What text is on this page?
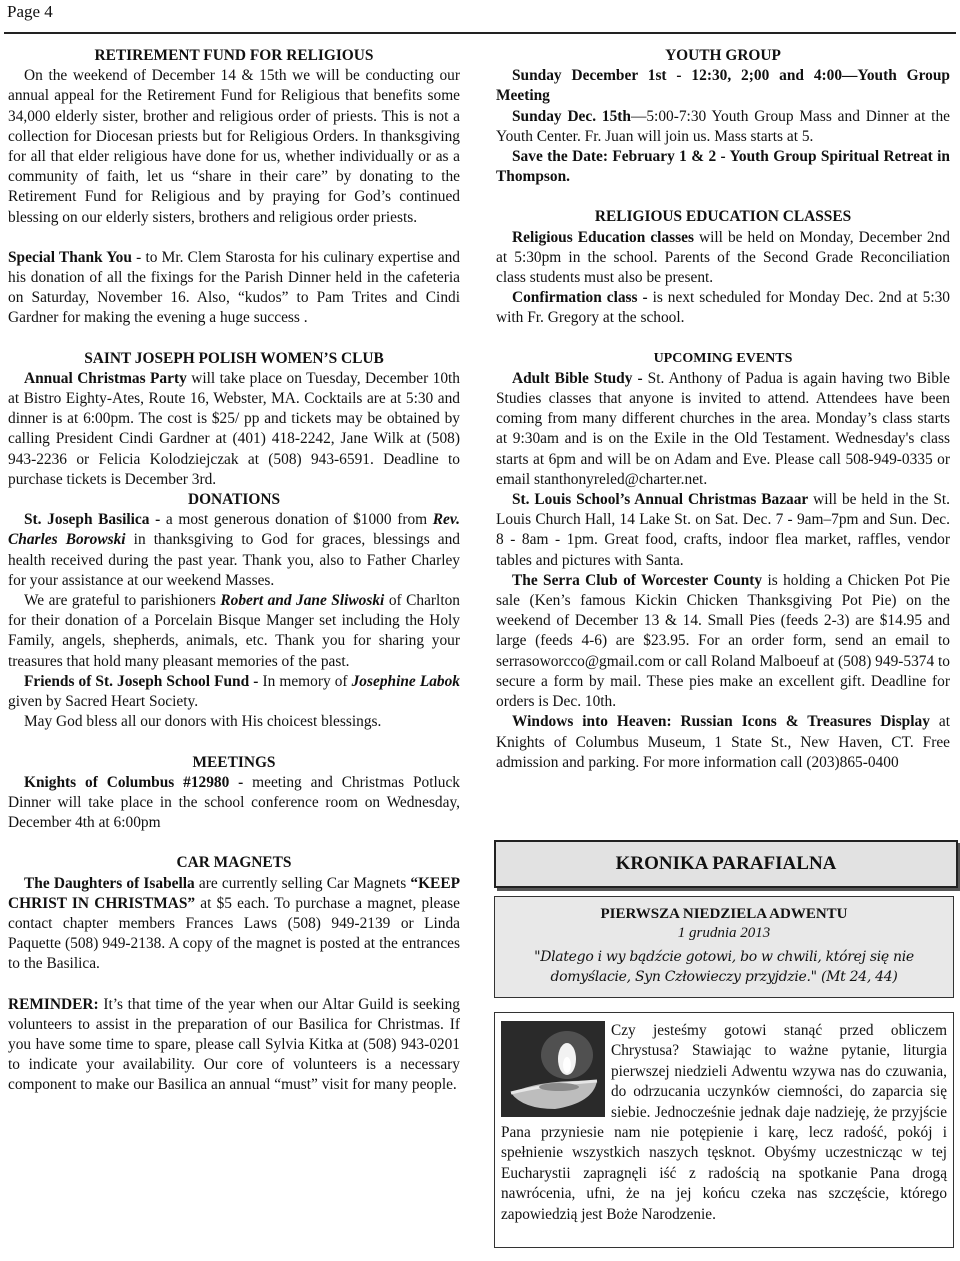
Page 4

RETIREMENT FUND FOR RELIGIOUS

On the weekend of December 14 & 15th we will be conducting our annual appeal for the Retirement Fund for Religious that benefits some 34,000 elderly sister, brother and religious order of priests. This is not a collection for Diocesan priests but for Religious Orders. In thanksgiving for all that elder religious have done for us, whether individually or as a community of faith, let us “share in their care” by donating to the Retirement Fund for Religious and by praying for God’s continued blessing on our elderly sisters, brothers and religious order priests.

Special Thank You - to Mr. Clem Starosta for his culinary expertise and his donation of all the fixings for the Parish Dinner held in the cafeteria on Saturday, November 16. Also, “kudos” to Pam Trites and Cindi Gardner for making the evening a huge success .

SAINT JOSEPH POLISH WOMEN’S CLUB

Annual Christmas Party will take place on Tuesday, December 10th at Bistro Eighty-Ates, Route 16, Webster, MA. Cocktails are at 5:30 and dinner is at 6:00pm. The cost is $25/ pp and tickets may be obtained by calling President Cindi Gardner at (401) 418-2242, Jane Wilk at (508) 943-2236 or Felicia Kolodziejczak at (508) 943-6591. Deadline to purchase tickets is December 3rd.

DONATIONS

St. Joseph Basilica - a most generous donation of $1000 from Rev. Charles Borowski in thanksgiving to God for graces, blessings and health received during the past year. Thank you, also to Father Charley for your assistance at our weekend Masses.

We are grateful to parishioners Robert and Jane Sliwoski of Charlton for their donation of a Porcelain Bisque Manger set including the Holy Family, angels, shepherds, animals, etc. Thank you for sharing your treasures that hold many pleasant memories of the past.

Friends of St. Joseph School Fund - In memory of Josephine Labok given by Sacred Heart Society.

May God bless all our donors with His choicest blessings.

MEETINGS

Knights of Columbus #12980 - meeting and Christmas Potluck Dinner will take place in the school conference room on Wednesday, December 4th at 6:00pm

CAR MAGNETS

The Daughters of Isabella are currently selling Car Magnets “KEEP CHRIST IN CHRISTMAS” at $5 each. To purchase a magnet, please contact chapter members Frances Laws (508) 949-2139 or Linda Paquette (508) 949-2138. A copy of the magnet is posted at the entrances to the Basilica.

REMINDER: It’s that time of the year when our Altar Guild is seeking volunteers to assist in the preparation of our Basilica for Christmas. If you have some time to spare, please call Sylvia Kitka at (508) 943-0201 to indicate your availability. Our core of volunteers is a necessary component to make our Basilica an annual “must” visit for many people.

YOUTH GROUP

Sunday December 1st - 12:30, 2;00 and 4:00—Youth Group Meeting

Sunday Dec. 15th—5:00-7:30 Youth Group Mass and Dinner at the Youth Center. Fr. Juan will join us. Mass starts at 5.

Save the Date: February 1 & 2 - Youth Group Spiritual Retreat in Thompson.

RELIGIOUS EDUCATION CLASSES

Religious Education classes will be held on Monday, December 2nd at 5:30pm in the school. Parents of the Second Grade Reconciliation class students must also be present.

Confirmation class - is next scheduled for Monday Dec. 2nd at 5:30 with Fr. Gregory at the school.

UPCOMING EVENTS

Adult Bible Study - St. Anthony of Padua is again having two Bible Studies classes that anyone is invited to attend. Attendees have been coming from many different churches in the area. Monday’s class starts at 9:30am and is on the Exile in the Old Testament. Wednesday's class starts at 6pm and will be on Adam and Eve. Please call 508-949-0335 or email stanthonyreled@charter.net.

St. Louis School’s Annual Christmas Bazaar will be held in the St. Louis Church Hall, 14 Lake St. on Sat. Dec. 7 - 9am–7pm and Sun. Dec. 8 - 8am - 1pm. Great food, crafts, indoor flea market, raffles, vendor tables and pictures with Santa.

The Serra Club of Worcester County is holding a Chicken Pot Pie sale (Ken’s famous Kickin Chicken Thanksgiving Pot Pie) on the weekend of December 13 & 14. Small Pies (feeds 2-3) are $14.95 and large (feeds 4-6) are $23.95. For an order form, send an email to serrasoworcco@gmail.com or call Roland Malboeuf at (508) 949-5374 to secure a form by mail. These pies make an excellent gift. Deadline for orders is Dec. 10th.

Windows into Heaven: Russian Icons & Treasures Display at Knights of Columbus Museum, 1 State St., New Haven, CT. Free admission and parking. For more information call (203)865-0400

KRONIKA PARAFIALNA
PIERWSZA NIEDZIELA ADWENTU
1 grudnia 2013
"Dlatego i wy bądźcie gotowi, bo w chwili, której się nie domyślacie, Syn Człowieczy przyjdzie." (Mt 24, 44)
Czy jesteśmy gotowi stanąć przed obliczem Chrystusa? Stawiając to ważne pytanie, liturgia pierwszej niedzieli Adwentu wzywa nas do czuwania, do odrzucania uczynków ciemności, do zaparcia się siebie. Jednocześnie jednak daje nadzieję, że przyjście Pana przyniesie nam nie potępienie i karę, lecz radość, pokój i spełnienie wszystkich naszych tęsknot. Obyśmy uczestnicząc w tej Eucharystii zapragnęli iść z radością na spotkanie Pana drogą nawrócenia, ufni, że na jej końcu czeka nas szczęście, którego zapowiedzią jest Boże Narodzenie.
